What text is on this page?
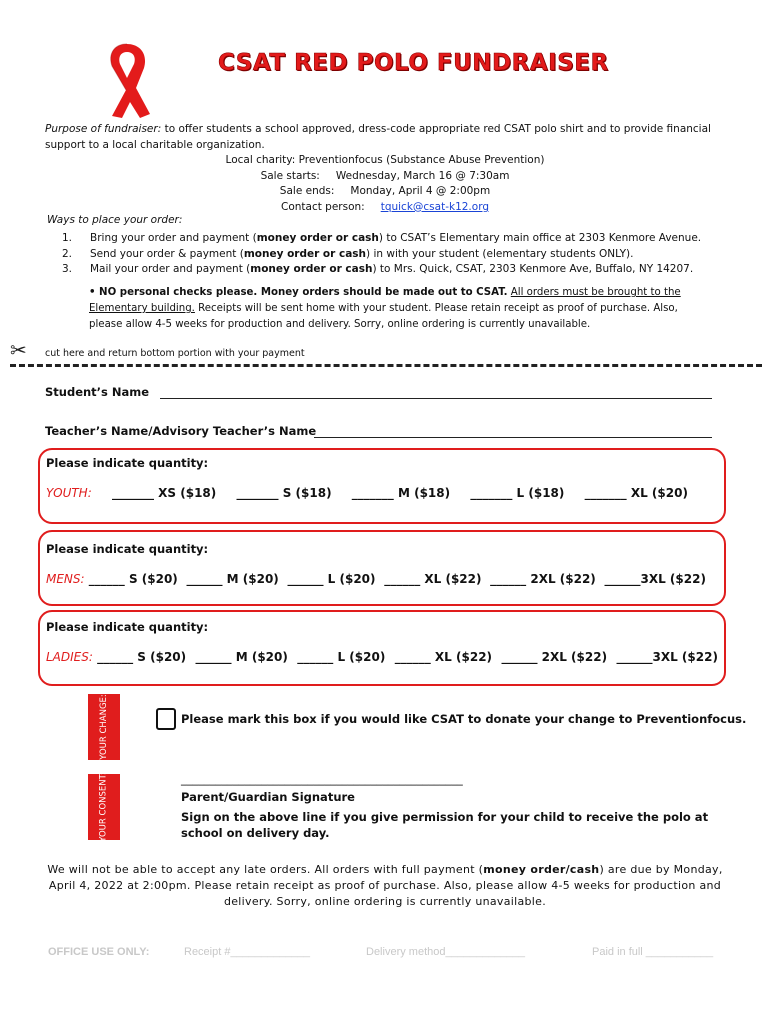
CSAT RED POLO FUNDRAISER
Purpose of fundraiser: to offer students a school approved, dress-code appropriate red CSAT polo shirt and to provide financial support to a local charitable organization.
Local charity: Preventionfocus (Substance Abuse Prevention)
Sale starts: Wednesday, March 16 @ 7:30am
Sale ends: Monday, April 4 @ 2:00pm
Contact person: tquick@csat-k12.org
Ways to place your order:
1.	Bring your order and payment (money order or cash) to CSAT’s Elementary main office at 2303 Kenmore Avenue.
2.	Send your order & payment (money order or cash) in with your student (elementary students ONLY).
3.	Mail your order and payment (money order or cash) to Mrs. Quick, CSAT, 2303 Kenmore Ave, Buffalo, NY 14207.
• NO personal checks please. Money orders should be made out to CSAT. All orders must be brought to the Elementary building. Receipts will be sent home with your student. Please retain receipt as proof of purchase. Also, please allow 4-5 weeks for production and delivery. Sorry, online ordering is currently unavailable.
✂ cut here and return bottom portion with your payment
Student’s Name
Teacher’s Name/Advisory Teacher’s Name
Please indicate quantity:
YOUTH: _______ XS ($18) _______ S ($18) _______ M ($18) _______ L ($18) _______ XL ($20)
Please indicate quantity:
MENS: ______ S ($20) ______ M ($20) ______ L ($20) ______ XL ($22) ______ 2XL ($22) ______3XL ($22)
Please indicate quantity:
LADIES: ______ S ($20) ______ M ($20) ______ L ($20) ______ XL ($22) ______ 2XL ($22) ______3XL ($22)
YOUR CHANGE:	Please mark this box if you would like CSAT to donate your change to Preventionfocus.
YOUR CONSENT:	_________________________________________________
Parent/Guardian Signature
Sign on the above line if you give permission for your child to receive the polo at school on delivery day.
We will not be able to accept any late orders. All orders with full payment (money order/cash) are due by Monday, April 4, 2022 at 2:00pm. Please retain receipt as proof of purchase. Also, please allow 4-5 weeks for production and delivery. Sorry, online ordering is currently unavailable.
OFFICE USE ONLY:	Receipt #_____________	Delivery method_____________	Paid in full ___________
